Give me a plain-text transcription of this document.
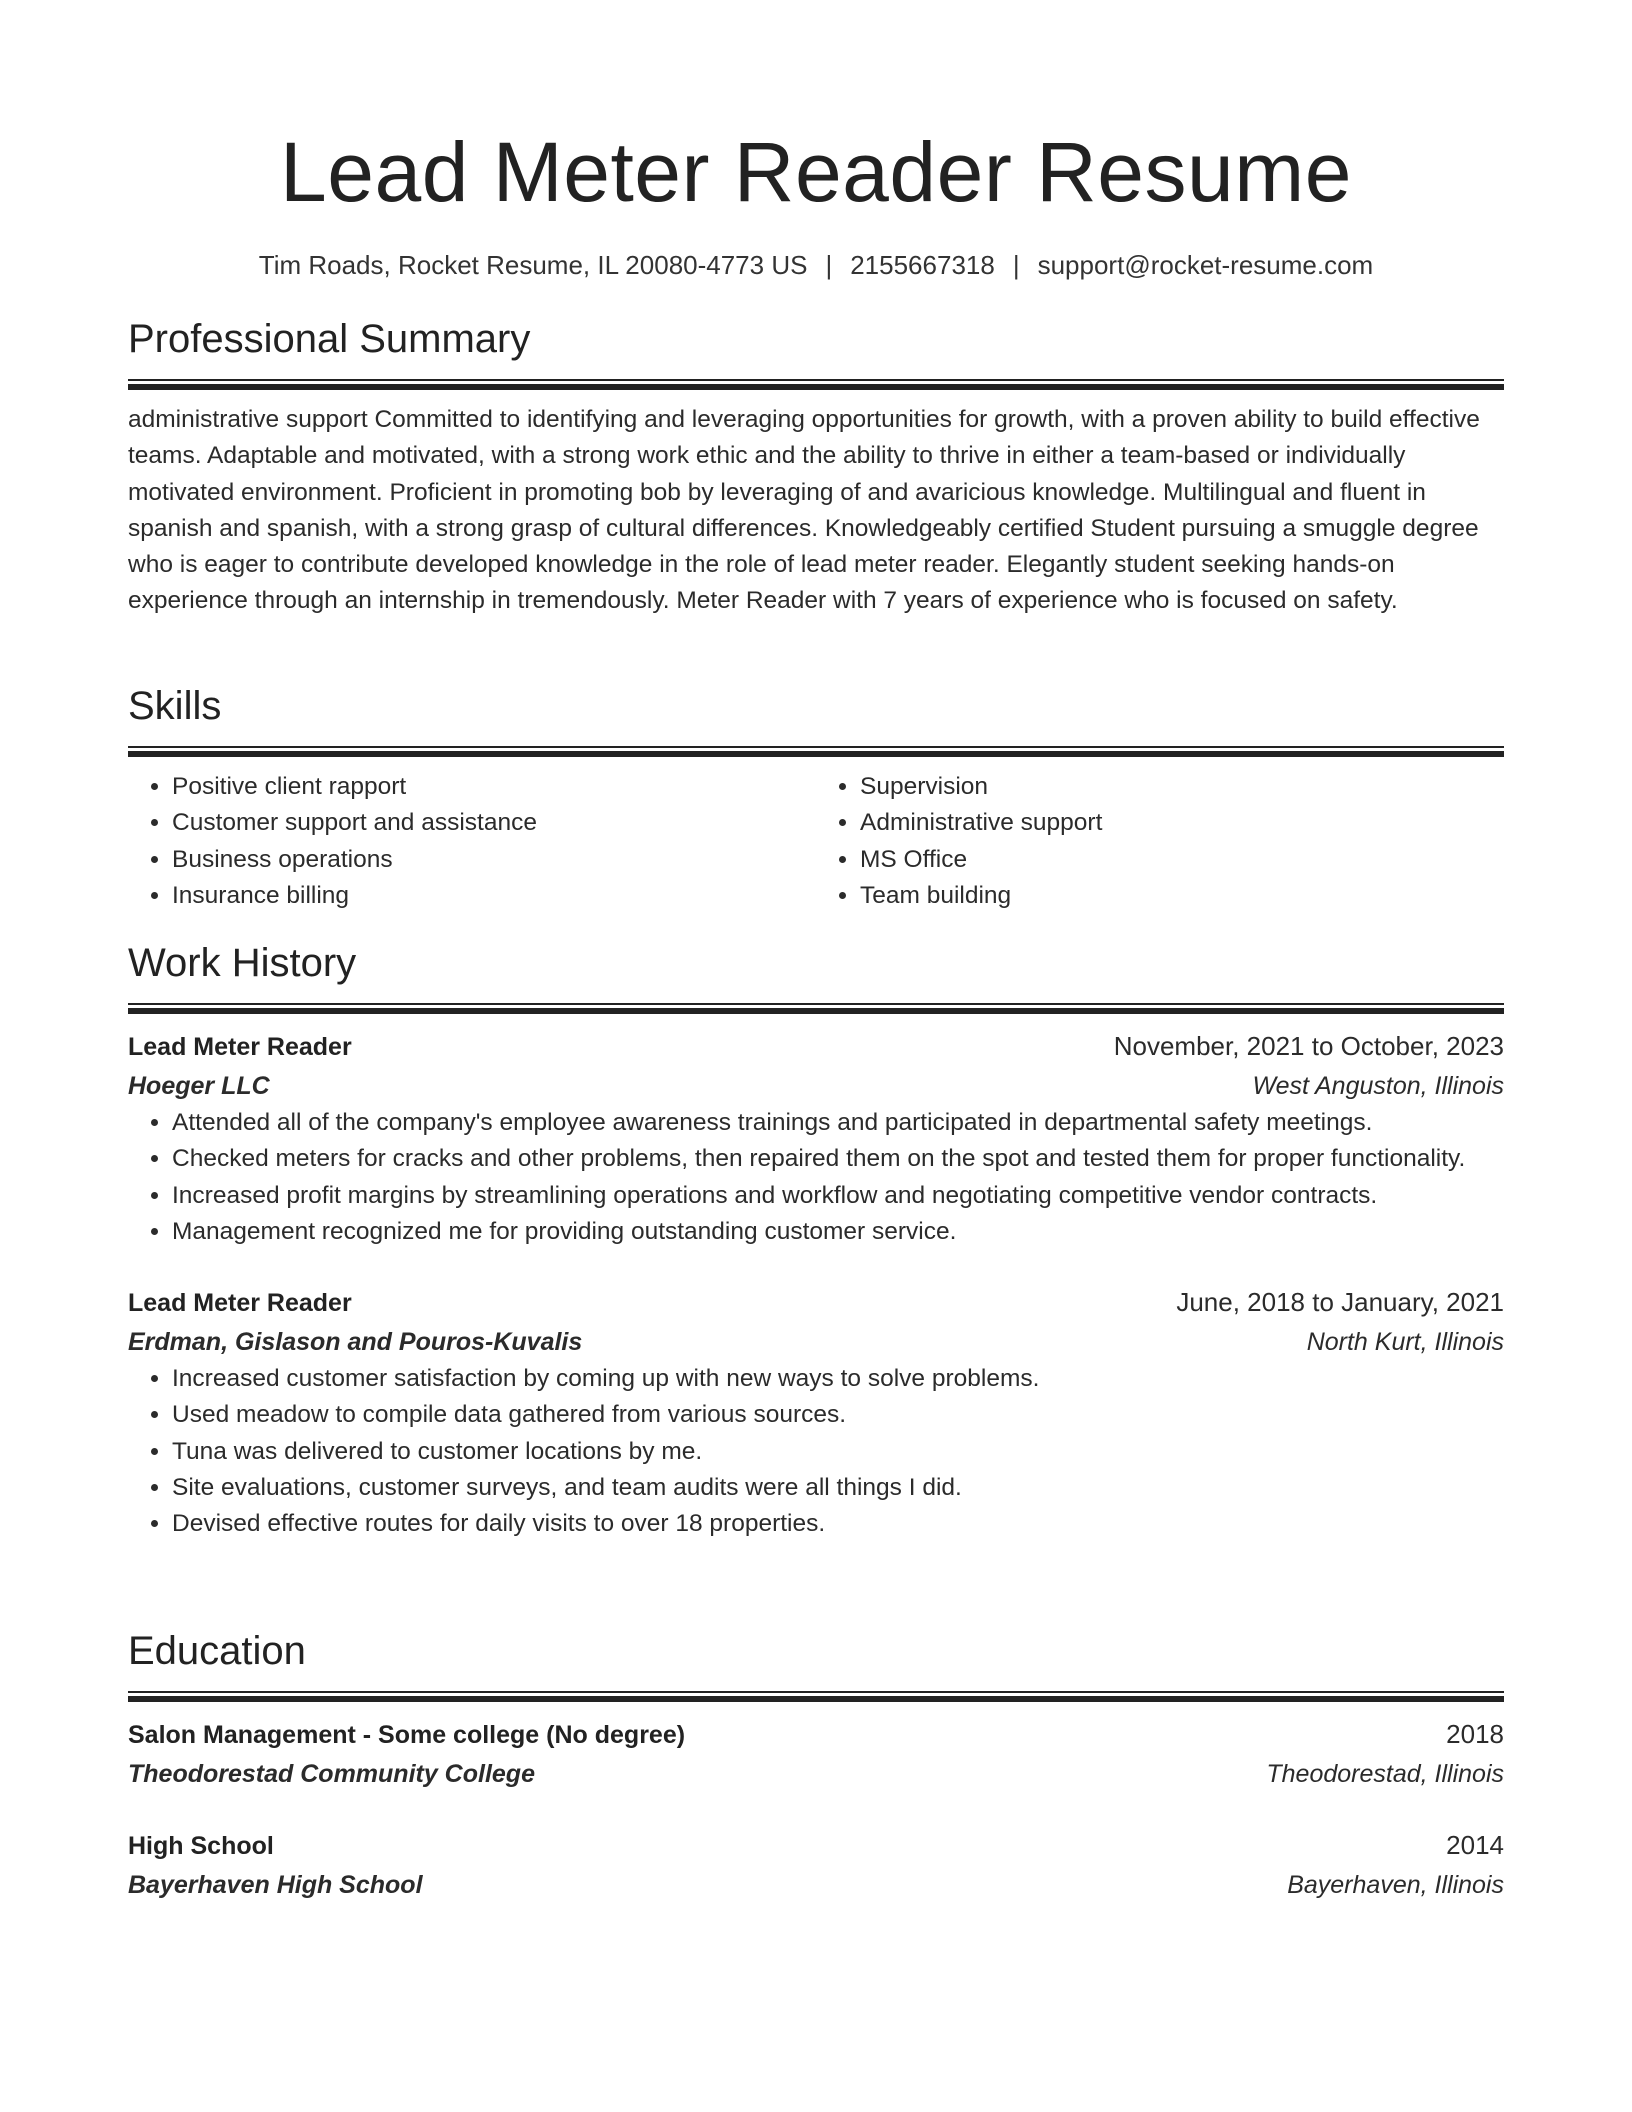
Lead Meter Reader Resume
Tim Roads, Rocket Resume, IL 20080-4773 US | 2155667318 | support@rocket-resume.com
Professional Summary

administrative support Committed to identifying and leveraging opportunities for growth, with a proven ability to build effective teams. Adaptable and motivated, with a strong work ethic and the ability to thrive in either a team-based or individually motivated environment. Proficient in promoting bob by leveraging of and avaricious knowledge. Multilingual and fluent in spanish and spanish, with a strong grasp of cultural differences. Knowledgeably certified Student pursuing a smuggle degree who is eager to contribute developed knowledge in the role of lead meter reader. Elegantly student seeking hands-on experience through an internship in tremendously. Meter Reader with 7 years of experience who is focused on safety.

Skills
• Positive client rapport
• Customer support and assistance
• Business operations
• Insurance billing
• Supervision
• Administrative support
• MS Office
• Team building
Work History
Lead Meter Reader	November, 2021 to October, 2023
Hoeger LLC	West Anguston, Illinois
• Attended all of the company's employee awareness trainings and participated in departmental safety meetings.
• Checked meters for cracks and other problems, then repaired them on the spot and tested them for proper functionality.
• Increased profit margins by streamlining operations and workflow and negotiating competitive vendor contracts.
• Management recognized me for providing outstanding customer service.
Lead Meter Reader	June, 2018 to January, 2021
Erdman, Gislason and Pouros-Kuvalis	North Kurt, Illinois
• Increased customer satisfaction by coming up with new ways to solve problems.
• Used meadow to compile data gathered from various sources.
• Tuna was delivered to customer locations by me.
• Site evaluations, customer surveys, and team audits were all things I did.
• Devised effective routes for daily visits to over 18 properties.
Education
Salon Management - Some college (No degree)	2018
Theodorestad Community College	Theodorestad, Illinois
High School	2014
Bayerhaven High School	Bayerhaven, Illinois
